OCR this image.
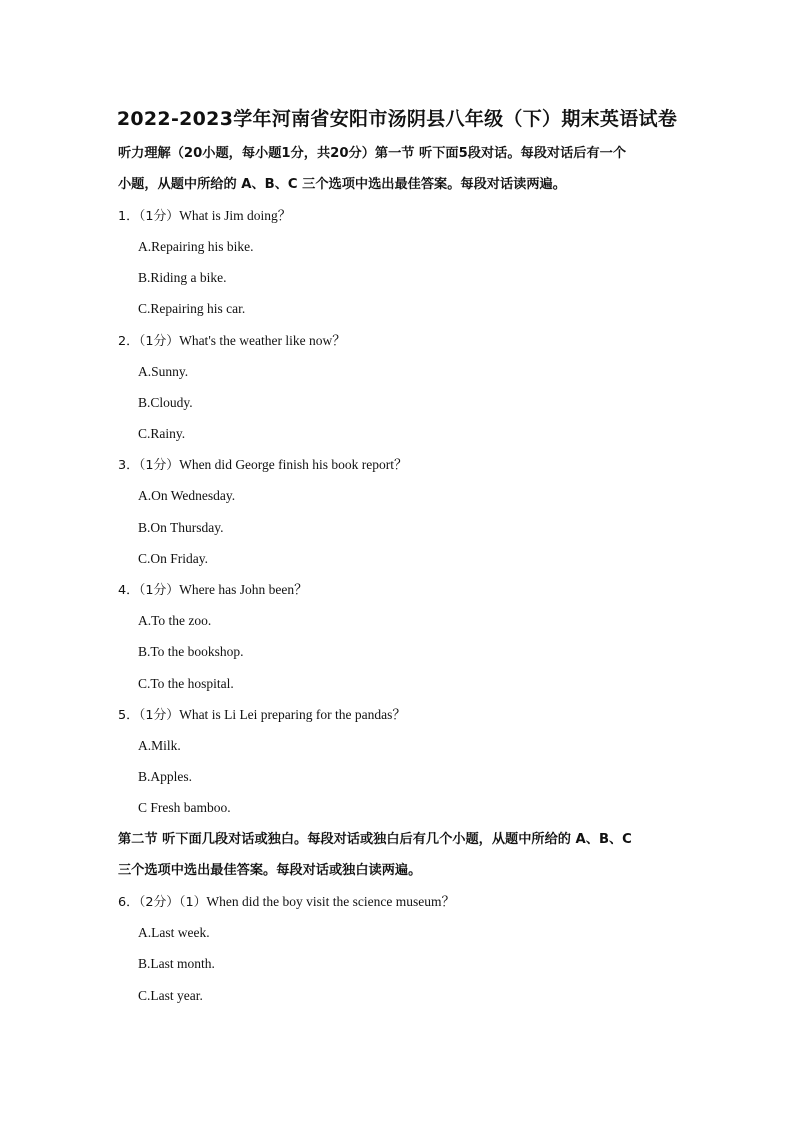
2022-2023学年河南省安阳市汤阴县八年级（下）期末英语试卷

听力理解（20小题，每小题1分，共20分）第一节 听下面5段对话。每段对话后有一个

小题，从题中所给的 A、B、C 三个选项中选出最佳答案。每段对话读两遍。

1．（1分）What is Jim doing？
A.Repairing his bike.
B.Riding a bike.
C.Repairing his car.
2．（1分）What's the weather like now？
A.Sunny.
B.Cloudy.
C.Rainy.
3．（1分）When did George finish his book report？
A.On Wednesday.
B.On Thursday.
C.On Friday.
4．（1分）Where has John been？
A.To the zoo.
B.To the bookshop.
C.To the hospital.
5．（1分）What is Li Lei preparing for the pandas？
A.Milk.
B.Apples.
C Fresh bamboo.

第二节 听下面几段对话或独白。每段对话或独白后有几个小题，从题中所给的 A、B、C

三个选项中选出最佳答案。每段对话或独白读两遍。

6．（2分）（1）When did the boy visit the science museum？
A.Last week.
B.Last month.
C.Last year.
